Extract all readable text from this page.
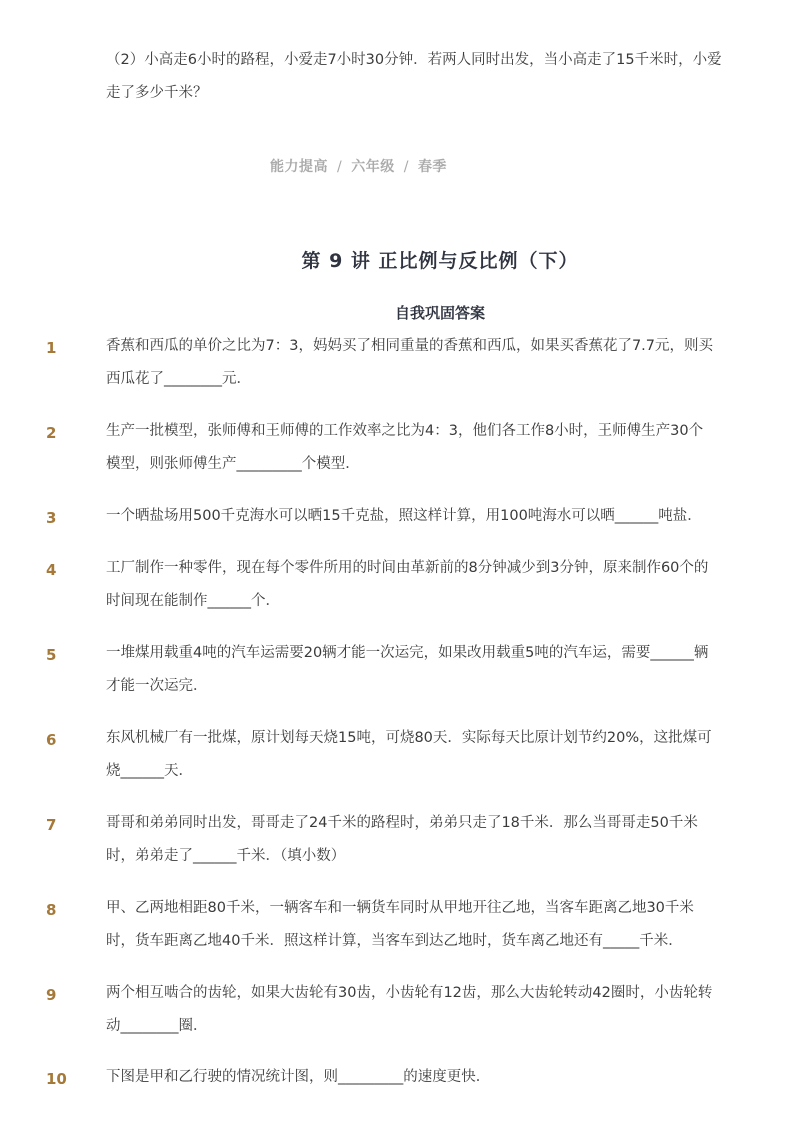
（2）小高走6小时的路程，小爱走7小时30分钟．若两人同时出发，当小高走了15千米时，小爱走了多少千米？
能力提高 / 六年级 / 春季
第 9 讲 正比例与反比例（下）
自我巩固答案
1	香蕉和西瓜的单价之比为7：3，妈妈买了相同重量的香蕉和西瓜，如果买香蕉花了7.7元，则买西瓜花了________元．
2	生产一批模型，张师傅和王师傅的工作效率之比为4：3，他们各工作8小时，王师傅生产30个模型，则张师傅生产_________个模型．
3	一个晒盐场用500千克海水可以晒15千克盐，照这样计算，用100吨海水可以晒______吨盐．
4	工厂制作一种零件，现在每个零件所用的时间由革新前的8分钟减少到3分钟，原来制作60个的时间现在能制作______个．
5	一堆煤用载重4吨的汽车运需要20辆才能一次运完，如果改用载重5吨的汽车运，需要______辆才能一次运完．
6	东风机械厂有一批煤，原计划每天烧15吨，可烧80天．实际每天比原计划节约20%，这批煤可烧______天．
7	哥哥和弟弟同时出发，哥哥走了24千米的路程时，弟弟只走了18千米．那么当哥哥走50千米时，弟弟走了______千米．（填小数）
8	甲、乙两地相距80千米，一辆客车和一辆货车同时从甲地开往乙地，当客车距离乙地30千米时，货车距离乙地40千米．照这样计算，当客车到达乙地时，货车离乙地还有_____千米．
9	两个相互啮合的齿轮，如果大齿轮有30齿，小齿轮有12齿，那么大齿轮转动42圈时，小齿轮转动________圈．
10	下图是甲和乙行驶的情况统计图，则_________的速度更快．
